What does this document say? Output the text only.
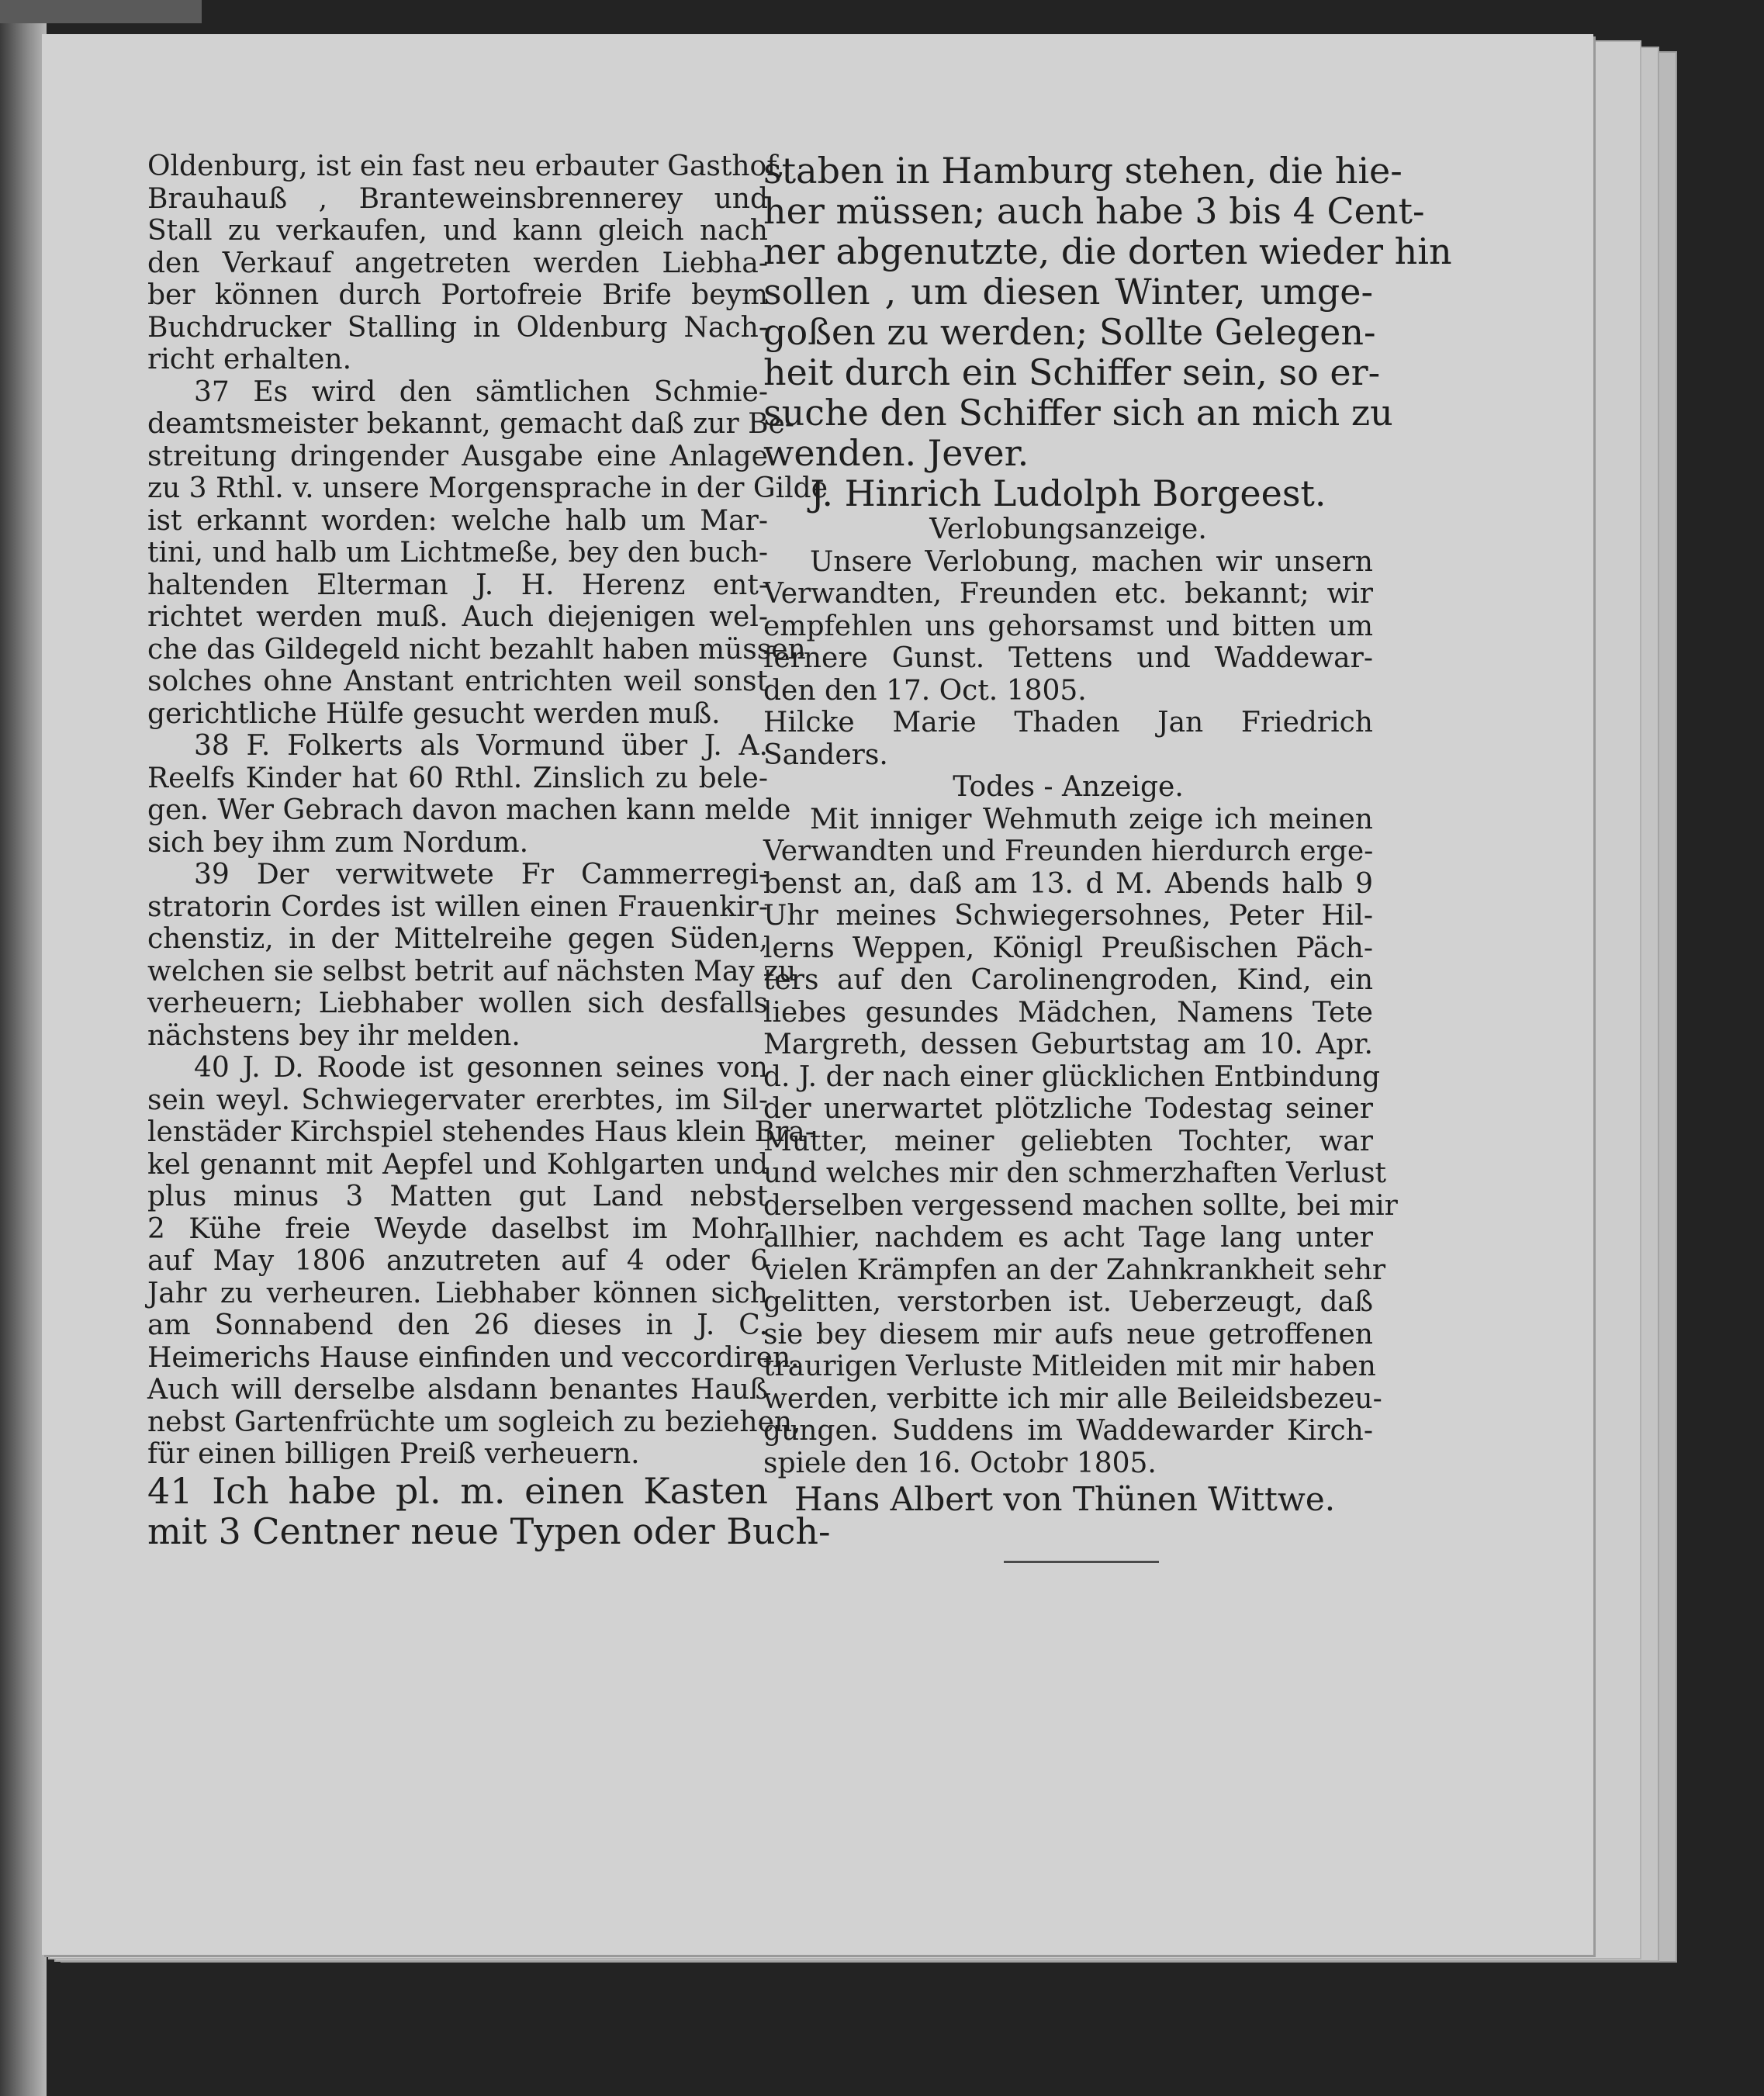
Oldenburg, ist ein fast neu erbauter Gasthof,
Brauhauß , Branteweinsbrennerey und
Stall zu verkaufen, und kann gleich nach
den Verkauf angetreten werden Liebha-
ber können durch Portofreie Brife beym
Buchdrucker Stalling in Oldenburg Nach-
richt erhalten.
37 Es wird den sämtlichen Schmie-
deamtsmeister bekannt, gemacht daß zur Be-
streitung dringender Ausgabe eine Anlage
zu 3 Rthl. v. unsere Morgensprache in der Gilde
ist erkannt worden: welche halb um Mar-
tini, und halb um Lichtmeße, bey den buch-
haltenden Elterman J. H. Herenz ent-
richtet werden muß. Auch diejenigen wel-
che das Gildegeld nicht bezahlt haben müssen
solches ohne Anstant entrichten weil sonst
gerichtliche Hülfe gesucht werden muß.
38 F. Folkerts als Vormund über J. A.
Reelfs Kinder hat 60 Rthl. Zinslich zu bele-
gen. Wer Gebrach davon machen kann melde
sich bey ihm zum Nordum.
39 Der verwitwete Fr Cammerregi-
stratorin Cordes ist willen einen Frauenkir-
chenstiz, in der Mittelreihe gegen Süden,
welchen sie selbst betrit auf nächsten May zu
verheuern; Liebhaber wollen sich desfalls
nächstens bey ihr melden.
40 J. D. Roode ist gesonnen seines von
sein weyl. Schwiegervater ererbtes, im Sil-
lenstäder Kirchspiel stehendes Haus klein Bra-
kel genannt mit Aepfel und Kohlgarten und
plus minus 3 Matten gut Land nebst
2 Kühe freie Weyde daselbst im Mohr
auf May 1806 anzutreten auf 4 oder 6
Jahr zu verheuren. Liebhaber können sich
am Sonnabend den 26 dieses in J. C.
Heimerichs Hause einfinden und veccordiren.
Auch will derselbe alsdann benantes Hauß
nebst Gartenfrüchte um sogleich zu beziehen,
für einen billigen Preiß verheuern.
41 Ich habe pl. m. einen Kasten
mit 3 Centner neue Typen oder Buch-
staben in Hamburg stehen, die hie-
her müssen; auch habe 3 bis 4 Cent-
ner abgenutzte, die dorten wieder hin
sollen , um diesen Winter, umge-
goßen zu werden; Sollte Gelegen-
heit durch ein Schiffer sein, so er-
suche den Schiffer sich an mich zu
wenden. Jever.
J. Hinrich Ludolph Borgeest.
Verlobungsanzeige.
Unsere Verlobung, machen wir unsern
Verwandten, Freunden etc. bekannt; wir
empfehlen uns gehorsamst und bitten um
fernere Gunst. Tettens und Waddewar-
den den 17. Oct. 1805.
Hilcke Marie Thaden Jan Friedrich
Sanders.
Todes - Anzeige.
Mit inniger Wehmuth zeige ich meinen
Verwandten und Freunden hierdurch erge-
benst an, daß am 13. d M. Abends halb 9
Uhr meines Schwiegersohnes, Peter Hil-
lerns Weppen, Königl Preußischen Päch-
ters auf den Carolinengroden, Kind, ein
liebes gesundes Mädchen, Namens Tete
Margreth, dessen Geburtstag am 10. Apr.
d. J. der nach einer glücklichen Entbindung
der unerwartet plötzliche Todestag seiner
Mutter, meiner geliebten Tochter, war
und welches mir den schmerzhaften Verlust
derselben vergessend machen sollte, bei mir
allhier, nachdem es acht Tage lang unter
vielen Krämpfen an der Zahnkrankheit sehr
gelitten, verstorben ist. Ueberzeugt, daß
sie bey diesem mir aufs neue getroffenen
traurigen Verluste Mitleiden mit mir haben
werden, verbitte ich mir alle Beileidsbezeu-
gungen. Suddens im Waddewarder Kirch-
spiele den 16. Octobr 1805.
Hans Albert von Thünen Wittwe.
